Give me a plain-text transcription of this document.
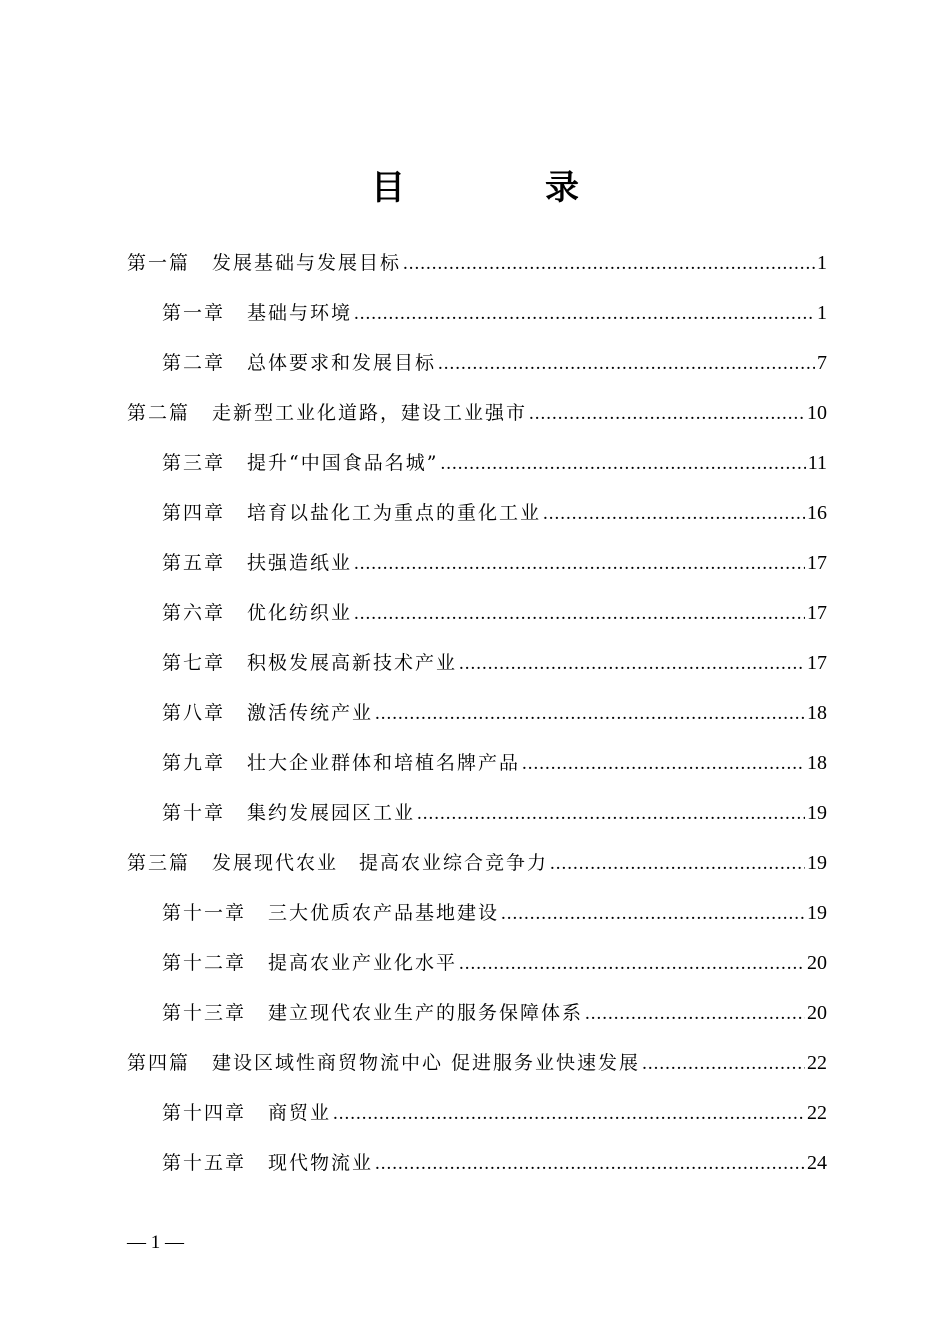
目	录
第一篇 发展基础与发展目标 .....	1
第一章 基础与环境 .....	1
第二章 总体要求和发展目标 .....	7
第二篇 走新型工业化道路，建设工业强市 .....	10
第三章 提升“中国食品名城” .....	11
第四章 培育以盐化工为重点的重化工业 .....	16
第五章 扶强造纸业 .....	17
第六章 优化纺织业 .....	17
第七章 积极发展高新技术产业 .....	17
第八章 激活传统产业 .....	18
第九章 壮大企业群体和培植名牌产品 .....	18
第十章 集约发展园区工业 .....	19
第三篇 发展现代农业　提高农业综合竞争力 .....	19
第十一章 三大优质农产品基地建设 .....	19
第十二章 提高农业产业化水平 .....	20
第十三章 建立现代农业生产的服务保障体系 .....	20
第四篇 建设区域性商贸物流中心 促进服务业快速发展 .....	22
第十四章 商贸业 .....	22
第十五章 现代物流业 .....	24
— 1 —
